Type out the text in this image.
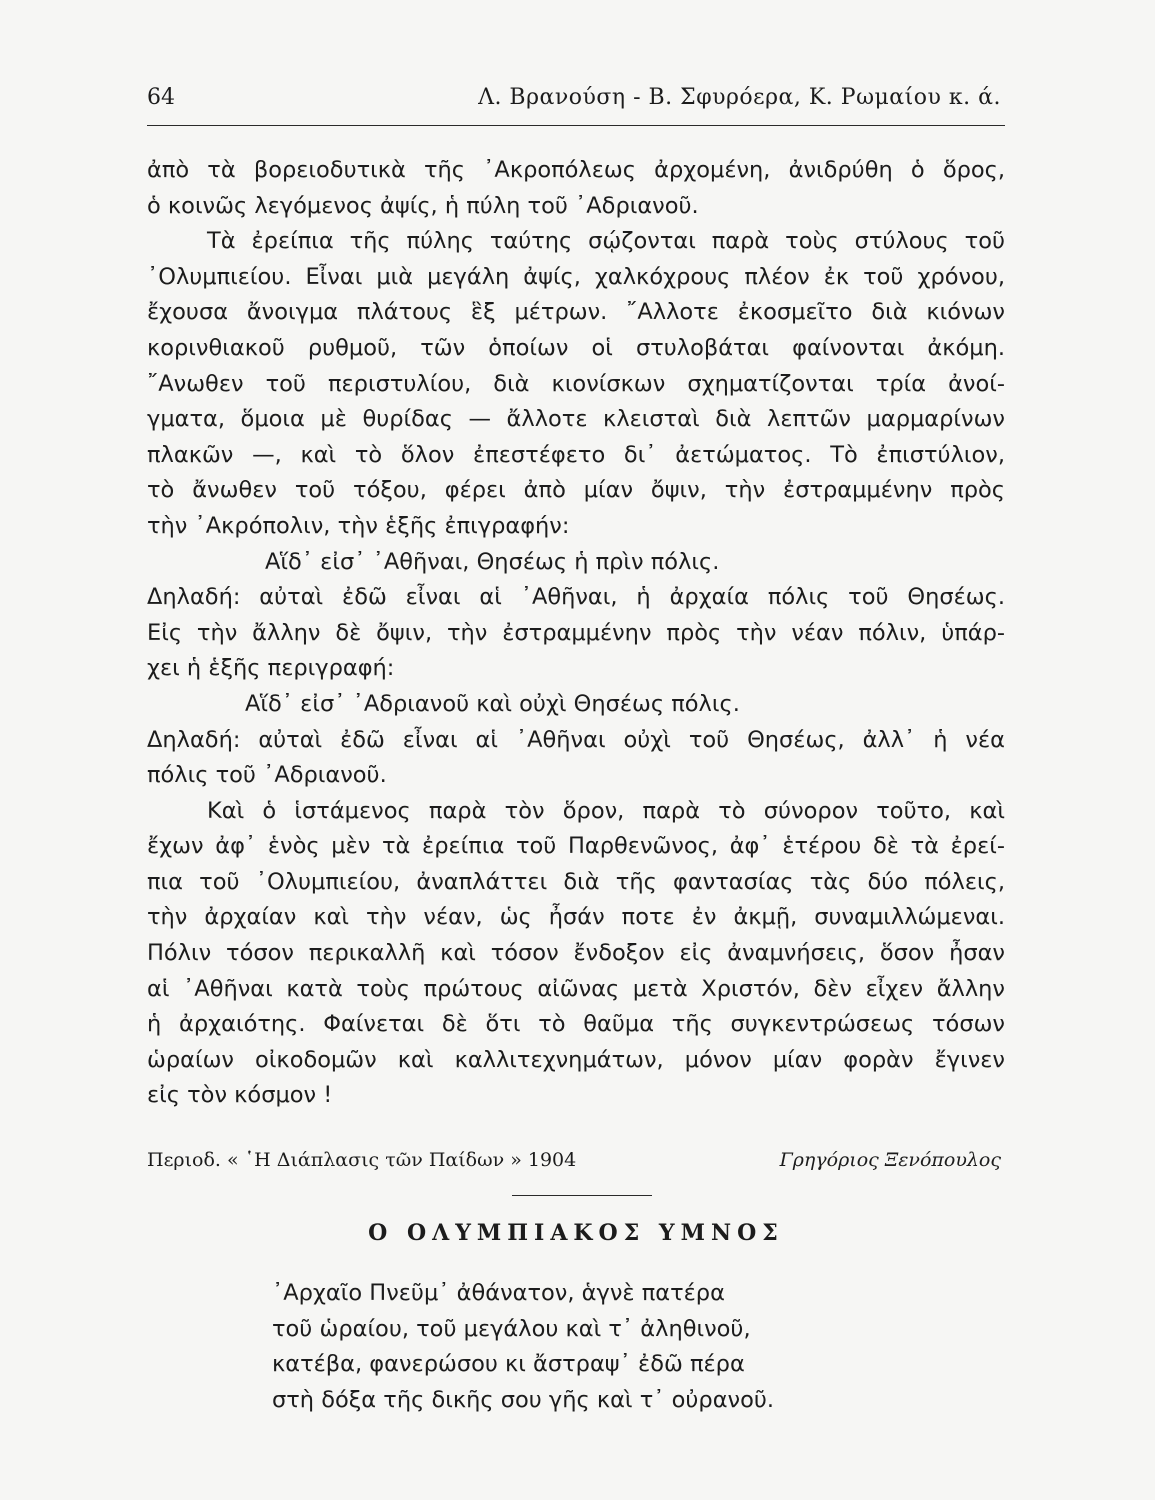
64	Λ. Βρανούση - Β. Σφυρόερα, Κ. Ρωμαίου κ. ά.
ἀπὸ τὰ βορειοδυτικὰ τῆς ᾿Ακροπόλεως ἀρχομένη, ἀνιδρύθη ὁ ὅρος,
ὁ κοινῶς λεγόμενος ἀψίς, ἡ πύλη τοῦ ᾿Αδριανοῦ.
Τὰ ἐρείπια τῆς πύλης ταύτης σῴζονται παρὰ τοὺς στύλους τοῦ
᾿Ολυμπιείου. Εἶναι μιὰ μεγάλη ἀψίς, χαλκόχρους πλέον ἐκ τοῦ χρόνου,
ἔχουσα ἄνοιγμα πλάτους ἓξ μέτρων. ῎Αλλοτε ἐκοσμεῖτο διὰ κιόνων
κορινθιακοῦ ρυθμοῦ, τῶν ὁποίων οἱ στυλοβάται φαίνονται ἀκόμη.
῎Ανωθεν τοῦ περιστυλίου, διὰ κιονίσκων σχηματίζονται τρία ἀνοί-
γματα, ὅμοια μὲ θυρίδας — ἄλλοτε κλεισταὶ διὰ λεπτῶν μαρμαρίνων
πλακῶν —, καὶ τὸ ὅλον ἐπεστέφετο δι᾿ ἀετώματος. Τὸ ἐπιστύλιον,
τὸ ἄνωθεν τοῦ τόξου, φέρει ἀπὸ μίαν ὄψιν, τὴν ἐστραμμένην πρὸς
τὴν ᾿Ακρόπολιν, τὴν ἑξῆς ἐπιγραφήν:
Αἵδ᾿ εἰσ᾿ ᾿Αθῆναι, Θησέως ἡ πρὶν πόλις.
Δηλαδή: αὐταὶ ἐδῶ εἶναι αἱ ᾿Αθῆναι, ἡ ἀρχαία πόλις τοῦ Θησέως.
Εἰς τὴν ἄλλην δὲ ὄψιν, τὴν ἐστραμμένην πρὸς τὴν νέαν πόλιν, ὑπάρ-
χει ἡ ἑξῆς περιγραφή:
Αἵδ᾿ εἰσ᾿ ᾿Αδριανοῦ καὶ οὐχὶ Θησέως πόλις.
Δηλαδή: αὐταὶ ἐδῶ εἶναι αἱ ᾿Αθῆναι οὐχὶ τοῦ Θησέως, ἀλλ᾿ ἡ νέα
πόλις τοῦ ᾿Αδριανοῦ.
Καὶ ὁ ἱστάμενος παρὰ τὸν ὅρον, παρὰ τὸ σύνορον τοῦτο, καὶ
ἔχων ἀφ᾿ ἑνὸς μὲν τὰ ἐρείπια τοῦ Παρθενῶνος, ἀφ᾿ ἑτέρου δὲ τὰ ἐρεί-
πια τοῦ ᾿Ολυμπιείου, ἀναπλάττει διὰ τῆς φαντασίας τὰς δύο πόλεις,
τὴν ἀρχαίαν καὶ τὴν νέαν, ὡς ἦσάν ποτε ἐν ἀκμῇ, συναμιλλώμεναι.
Πόλιν τόσον περικαλλῆ καὶ τόσον ἔνδοξον εἰς ἀναμνήσεις, ὅσον ἦσαν
αἱ ᾿Αθῆναι κατὰ τοὺς πρώτους αἰῶνας μετὰ Χριστόν, δὲν εἶχεν ἄλλην
ἡ ἀρχαιότης. Φαίνεται δὲ ὅτι τὸ θαῦμα τῆς συγκεντρώσεως τόσων
ὡραίων οἰκοδομῶν καὶ καλλιτεχνημάτων, μόνον μίαν φορὰν ἔγινεν
εἰς τὸν κόσμον !
Περιοδ. « ῾Η Διάπλασις τῶν Παίδων » 1904	Γρηγόριος Ξενόπουλος
Ο ΟΛΥΜΠΙΑΚΟΣ ΥΜΝΟΣ
᾿Αρχαῖο Πνεῦμ᾿ ἀθάνατον, ἁγνὲ πατέρα
τοῦ ὡραίου, τοῦ μεγάλου καὶ τ᾿ ἀληθινοῦ,
κατέβα, φανερώσου κι ἄστραψ᾿ ἐδῶ πέρα
στὴ δόξα τῆς δικῆς σου γῆς καὶ τ᾿ οὐρανοῦ.
